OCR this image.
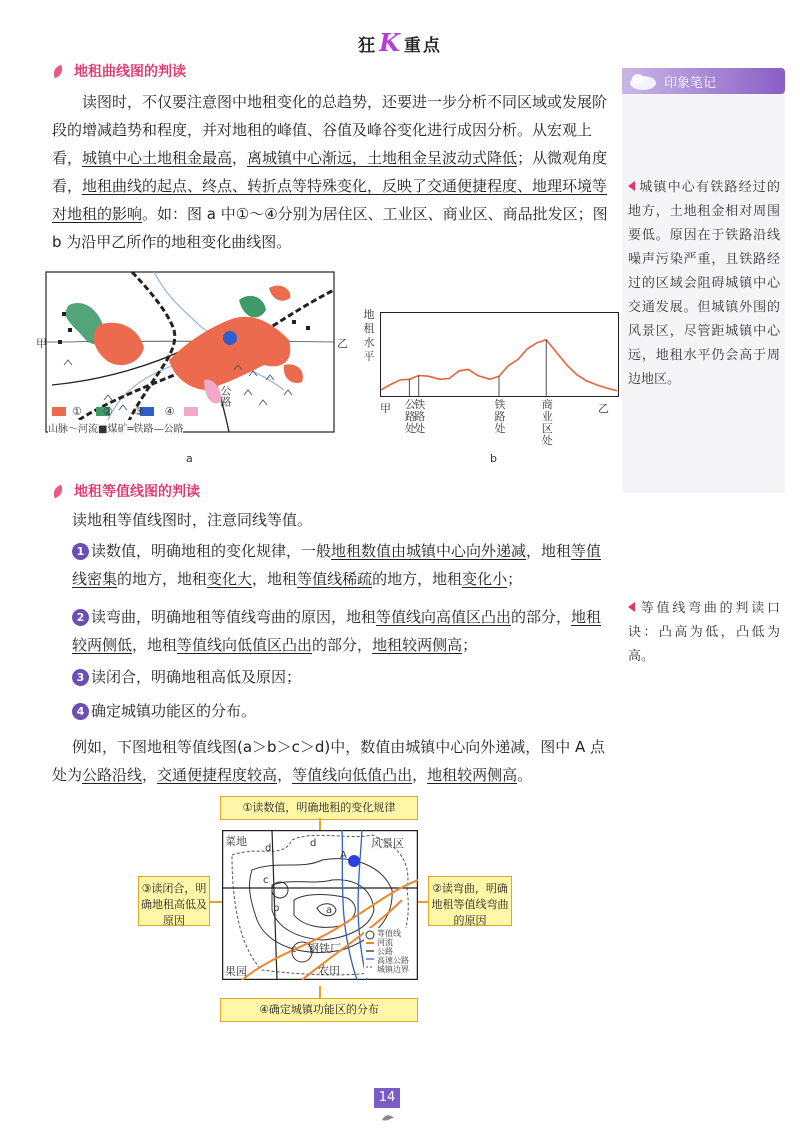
狂K 重点
印象笔记
城镇中心有铁路经过的地方，土地租金相对周围要低。原因在于铁路沿线噪声污染严重，且铁路经过的区域会阻碍城镇中心交通发展。但城镇外围的风景区，尽管距城镇中心远，地租水平仍会高于周边地区。
等值线弯曲的判读口诀：凸高为低，凸低为高。
地租曲线图的判读

读图时，不仅要注意图中地租变化的总趋势，还要进一步分析不同区域或发展阶段的增减趋势和程度，并对地租的峰值、谷值及峰谷变化进行成因分析。从宏观上看，城镇中心土地租金最高，离城镇中心渐远，土地租金呈波动式降低；从微观角度看，地租曲线的起点、终点、转折点等特殊变化，反映了交通便捷程度、地理环境等对地租的影响。如：图 a 中①～④分别为居住区、工业区、商业区、商品批发区；图 b 为沿甲乙所作的地租变化曲线图。

甲	乙
公路
① ② ③ ④
山脉～河流■煤矿═铁路—公路
a
地
租
水
平
甲	乙
公
路
处
铁
路
处
铁
路
处
商业
区处
b
地租等值线图的判读
读地租等值线图时，注意同线等值。
1 读数值，明确地租的变化规律，一般地租数值由城镇中心向外递减，地租等值线密集的地方，地租变化大，地租等值线稀疏的地方，地租变化小；
2 读弯曲，明确地租等值线弯曲的原因，地租等值线向高值区凸出的部分，地租较两侧低，地租等值线向低值区凸出的部分，地租较两侧高；
3 读闭合，明确地租高低及原因；
4 确定城镇功能区的分布。

例如，下图地租等值线图(a＞b＞c＞d)中，数值由城镇中心向外递减，图中 A 点处为公路沿线，交通便捷程度较高，等值线向低值凸出，地租较两侧高。

①读数值，明确地租的变化规律
③读闭合，明确地租高低及原因
②读弯曲，明确地租等值线弯曲的原因
④确定城镇功能区的分布
菜地	风景区
果园	农田
钢铁厂
A
d	d
c
b	a
c
等值线
河流
公路
高速公路
城镇边界
14
